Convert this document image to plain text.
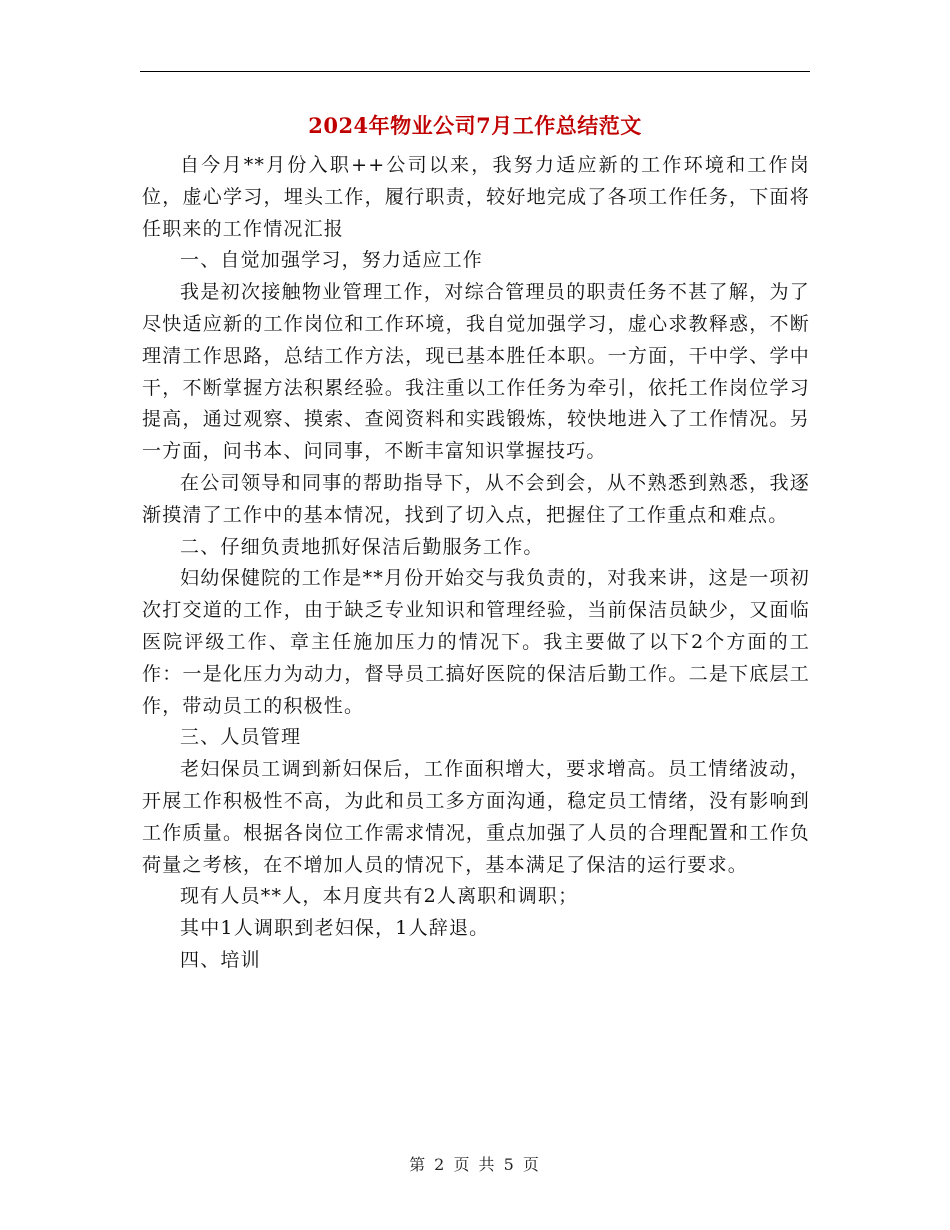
2024年物业公司7月工作总结范文

自今月**月份入职++公司以来，我努力适应新的工作环境和工作岗位，虚心学习，埋头工作，履行职责，较好地完成了各项工作任务，下面将任职来的工作情况汇报

一、自觉加强学习，努力适应工作

我是初次接触物业管理工作，对综合管理员的职责任务不甚了解，为了尽快适应新的工作岗位和工作环境，我自觉加强学习，虚心求教释惑，不断理清工作思路，总结工作方法，现已基本胜任本职。一方面，干中学、学中干，不断掌握方法积累经验。我注重以工作任务为牵引，依托工作岗位学习提高，通过观察、摸索、查阅资料和实践锻炼，较快地进入了工作情况。另一方面，问书本、问同事，不断丰富知识掌握技巧。

在公司领导和同事的帮助指导下，从不会到会，从不熟悉到熟悉，我逐渐摸清了工作中的基本情况，找到了切入点，把握住了工作重点和难点。

二、仔细负责地抓好保洁后勤服务工作。

妇幼保健院的工作是**月份开始交与我负责的，对我来讲，这是一项初次打交道的工作，由于缺乏专业知识和管理经验，当前保洁员缺少，又面临医院评级工作、章主任施加压力的情况下。我主要做了以下2个方面的工作：一是化压力为动力，督导员工搞好医院的保洁后勤工作。二是下底层工作，带动员工的积极性。

三、人员管理

老妇保员工调到新妇保后，工作面积增大，要求增高。员工情绪波动，开展工作积极性不高，为此和员工多方面沟通，稳定员工情绪，没有影响到工作质量。根据各岗位工作需求情况，重点加强了人员的合理配置和工作负荷量之考核，在不增加人员的情况下，基本满足了保洁的运行要求。

现有人员**人，本月度共有2人离职和调职；

其中1人调职到老妇保，1人辞退。

四、培训

第 2 页 共 5 页
